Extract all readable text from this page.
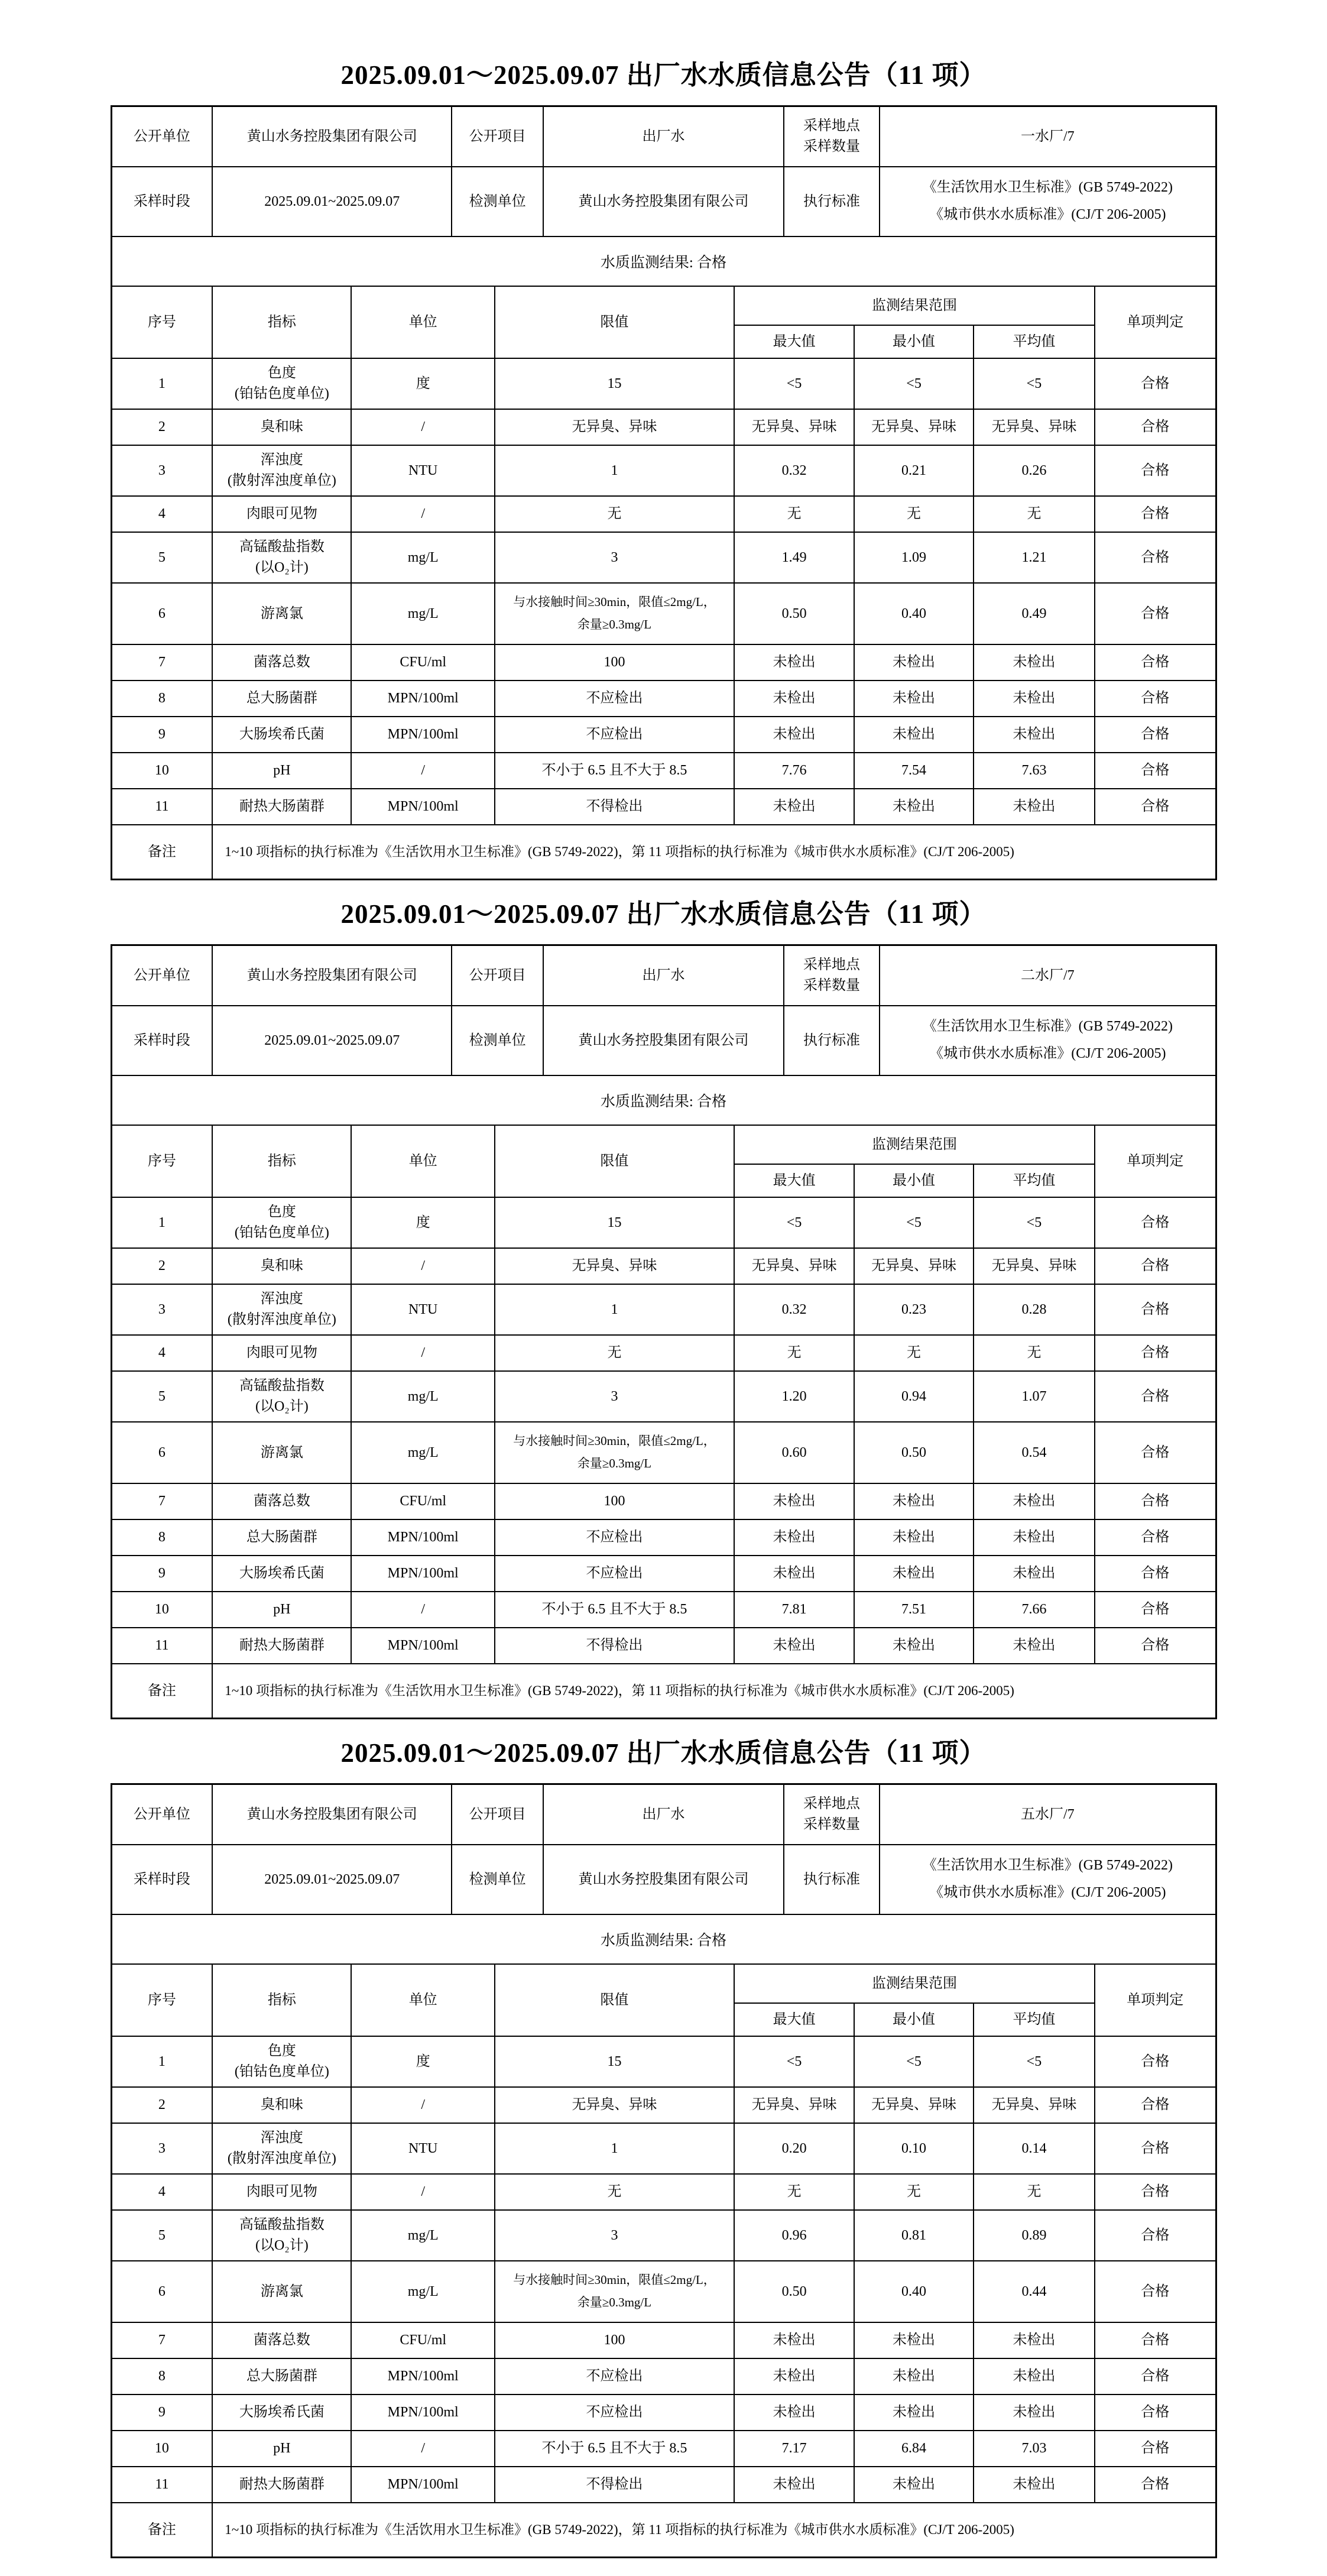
2025.09.01～2025.09.07 出厂水水质信息公告（11 项）
公开单位	黄山水务控股集团有限公司	公开项目	出厂水	采样地点
采样数量	一水厂/7
采样时段	2025.09.01~2025.09.07	检测单位	黄山水务控股集团有限公司	执行标准	《生活饮用水卫生标准》(GB 5749-2022)
《城市供水水质标准》(CJ/T 206-2005)
水质监测结果: 合格
序号	指标	单位	限值	监测结果范围			单项判定
				最大值	最小值	平均值	
1	色度
(铂钴色度单位)	度	15	<5	<5	<5	合格
2	臭和味	/	无异臭、异味	无异臭、异味	无异臭、异味	无异臭、异味	合格
3	浑浊度
(散射浑浊度单位)	NTU	1	0.32	0.21	0.26	合格
4	肉眼可见物	/	无	无	无	无	合格
5	高锰酸盐指数
(以O₂计)	mg/L	3	1.49	1.09	1.21	合格
6	游离氯	mg/L	与水接触时间≥30min，限值≤2mg/L，
余量≥0.3mg/L	0.50	0.40	0.49	合格
7	菌落总数	CFU/ml	100	未检出	未检出	未检出	合格
8	总大肠菌群	MPN/100ml	不应检出	未检出	未检出	未检出	合格
9	大肠埃希氏菌	MPN/100ml	不应检出	未检出	未检出	未检出	合格
10	pH	/	不小于 6.5 且不大于 8.5	7.76	7.54	7.63	合格
11	耐热大肠菌群	MPN/100ml	不得检出	未检出	未检出	未检出	合格
备注	1~10 项指标的执行标准为《生活饮用水卫生标准》(GB 5749-2022)，第 11 项指标的执行标准为《城市供水水质标准》(CJ/T 206-2005)						
2025.09.01～2025.09.07 出厂水水质信息公告（11 项）
公开单位	黄山水务控股集团有限公司	公开项目	出厂水	采样地点
采样数量	二水厂/7
采样时段	2025.09.01~2025.09.07	检测单位	黄山水务控股集团有限公司	执行标准	《生活饮用水卫生标准》(GB 5749-2022)
《城市供水水质标准》(CJ/T 206-2005)
水质监测结果: 合格
序号	指标	单位	限值	监测结果范围			单项判定
				最大值	最小值	平均值	
1	色度
(铂钴色度单位)	度	15	<5	<5	<5	合格
2	臭和味	/	无异臭、异味	无异臭、异味	无异臭、异味	无异臭、异味	合格
3	浑浊度
(散射浑浊度单位)	NTU	1	0.32	0.23	0.28	合格
4	肉眼可见物	/	无	无	无	无	合格
5	高锰酸盐指数
(以O₂计)	mg/L	3	1.20	0.94	1.07	合格
6	游离氯	mg/L	与水接触时间≥30min，限值≤2mg/L，
余量≥0.3mg/L	0.60	0.50	0.54	合格
7	菌落总数	CFU/ml	100	未检出	未检出	未检出	合格
8	总大肠菌群	MPN/100ml	不应检出	未检出	未检出	未检出	合格
9	大肠埃希氏菌	MPN/100ml	不应检出	未检出	未检出	未检出	合格
10	pH	/	不小于 6.5 且不大于 8.5	7.81	7.51	7.66	合格
11	耐热大肠菌群	MPN/100ml	不得检出	未检出	未检出	未检出	合格
备注	1~10 项指标的执行标准为《生活饮用水卫生标准》(GB 5749-2022)，第 11 项指标的执行标准为《城市供水水质标准》(CJ/T 206-2005)						
2025.09.01～2025.09.07 出厂水水质信息公告（11 项）
公开单位	黄山水务控股集团有限公司	公开项目	出厂水	采样地点
采样数量	五水厂/7
采样时段	2025.09.01~2025.09.07	检测单位	黄山水务控股集团有限公司	执行标准	《生活饮用水卫生标准》(GB 5749-2022)
《城市供水水质标准》(CJ/T 206-2005)
水质监测结果: 合格
序号	指标	单位	限值	监测结果范围			单项判定
				最大值	最小值	平均值	
1	色度
(铂钴色度单位)	度	15	<5	<5	<5	合格
2	臭和味	/	无异臭、异味	无异臭、异味	无异臭、异味	无异臭、异味	合格
3	浑浊度
(散射浑浊度单位)	NTU	1	0.20	0.10	0.14	合格
4	肉眼可见物	/	无	无	无	无	合格
5	高锰酸盐指数
(以O₂计)	mg/L	3	0.96	0.81	0.89	合格
6	游离氯	mg/L	与水接触时间≥30min，限值≤2mg/L，
余量≥0.3mg/L	0.50	0.40	0.44	合格
7	菌落总数	CFU/ml	100	未检出	未检出	未检出	合格
8	总大肠菌群	MPN/100ml	不应检出	未检出	未检出	未检出	合格
9	大肠埃希氏菌	MPN/100ml	不应检出	未检出	未检出	未检出	合格
10	pH	/	不小于 6.5 且不大于 8.5	7.17	6.84	7.03	合格
11	耐热大肠菌群	MPN/100ml	不得检出	未检出	未检出	未检出	合格
备注	1~10 项指标的执行标准为《生活饮用水卫生标准》(GB 5749-2022)，第 11 项指标的执行标准为《城市供水水质标准》(CJ/T 206-2005)						
